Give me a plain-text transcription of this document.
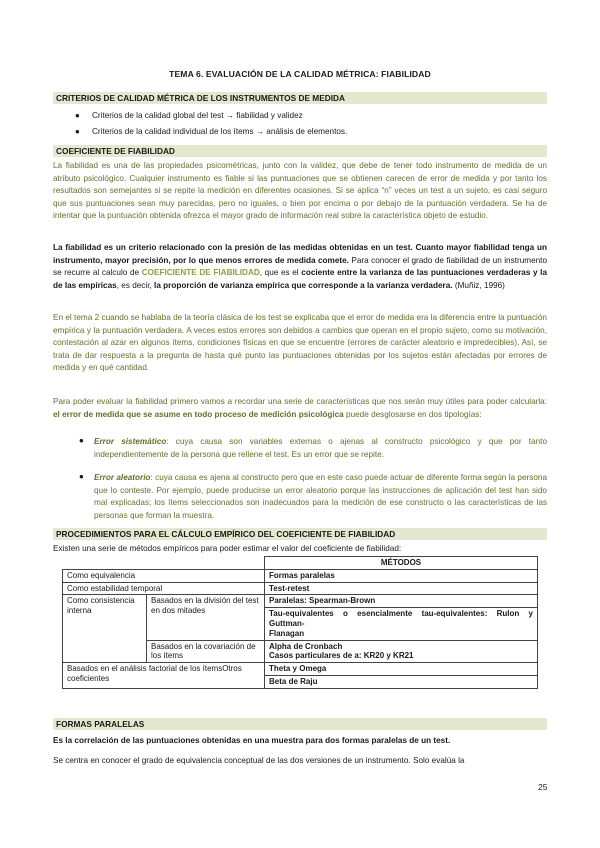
TEMA 6. EVALUACIÓN DE LA CALIDAD MÉTRICA: FIABILIDAD
CRITERIOS DE CALIDAD MÉTRICA DE LOS INSTRUMENTOS DE MEDIDA
● Criterios de la calidad global del test → fiabilidad y validez
● Criterios de la calidad individual de los ítems → análisis de elementos.
COEFICIENTE DE FIABILIDAD

La fiabilidad es una de las propiedades psicométricas, junto con la validez, que debe de tener todo instrumento de medida de un atributo psicológico. Cualquier instrumento es fiable si las puntuaciones que se obtienen carecen de error de medida y por tanto los resultados son semejantes si se repite la medición en diferentes ocasiones. Si se aplica “n” veces un test a un sujeto, es casi seguro que sus puntuaciones sean muy parecidas, pero no iguales, o bien por encima o por debajo de la puntuación verdadera. Se ha de intentar que la puntuación obtenida ofrezca el mayor grado de información real sobre la característica objeto de estudio.

La fiabilidad es un criterio relacionado con la presión de las medidas obtenidas en un test. Cuanto mayor fiabilidad tenga un instrumento, mayor precisión, por lo que menos errores de medida comete. Para conocer el grado de fiabilidad de un instrumento se recurre al calculo de COEFICIENTE DE FIABILIDAD, que es el cociente entre la varianza de las puntuaciones verdaderas y la de las empíricas, es decir, la proporción de varianza empírica que corresponde a la varianza verdadera. (Muñiz, 1996)

En el tema 2 cuando se hablaba de la teoría clásica de los test se explicaba que el error de medida era la diferencia entre la puntuación empírica y la puntuación verdadera. A veces estos errores son debidos a cambios que operan en el propio sujeto, como su motivación, contestación al azar en algunos ítems, condiciones físicas en que se encuentre (errores de carácter aleatorio e impredecibles). Así, se trata de dar respuesta a la pregunta de hasta qué punto las puntuaciones obtenidas por los sujetos están afectadas por errores de medida y en qué cantidad.

Para poder evaluar la fiabilidad primero vamos a recordar una serie de características que nos serán muy útiles para poder calcularla: el error de medida que se asume en todo proceso de medición psicológica puede desglosarse en dos tipologías:

● Error sistemático: cuya causa son variables externas o ajenas al constructo psicológico y que por tanto independientemente de la persona que rellene el test. Es un error que se repite.
● Error aleatorio: cuya causa es ajena al constructo pero que en este caso puede actuar de diferente forma según la persona que lo conteste. Por ejemplo, puede producirse un error aleatorio porque las instrucciones de aplicación del test han sido mal explicadas; los ítems seleccionados son inadecuados para la medición de ese constructo o las características de las personas que forman la muestra.
PROCEDIMIENTOS PARA EL CÁLCULO EMPÍRICO DEL COEFICIENTE DE FIABILIDAD

Existen una serie de métodos empíricos para poder estimar el valor del coeficiente de fiabilidad:

		MÉTODOS
Como equivalencia		Formas paralelas
Como estabilidad temporal		Test-retest
Como consistencia interna	Basados en la división del test en dos mitades	Paralelas: Spearman-Brown

		Tau-equivalentes o esencialmente tau-equivalentes: Rulon y Guttman-
Flanagan

	Basados en la covariación de los ítems	Alpha de Cronbach
Casos particulares de a: KR20 y KR21

Basados en el análisis factorial de los ítemsOtros coeficientes		Theta y Omega
		Beta de Raju
FORMAS PARALELAS

Es la correlación de las puntuaciones obtenidas en una muestra para dos formas paralelas de un test.

Se centra en conocer el grado de equivalencia conceptual de las dos versiones de un instrumento. Solo evalúa la

25
